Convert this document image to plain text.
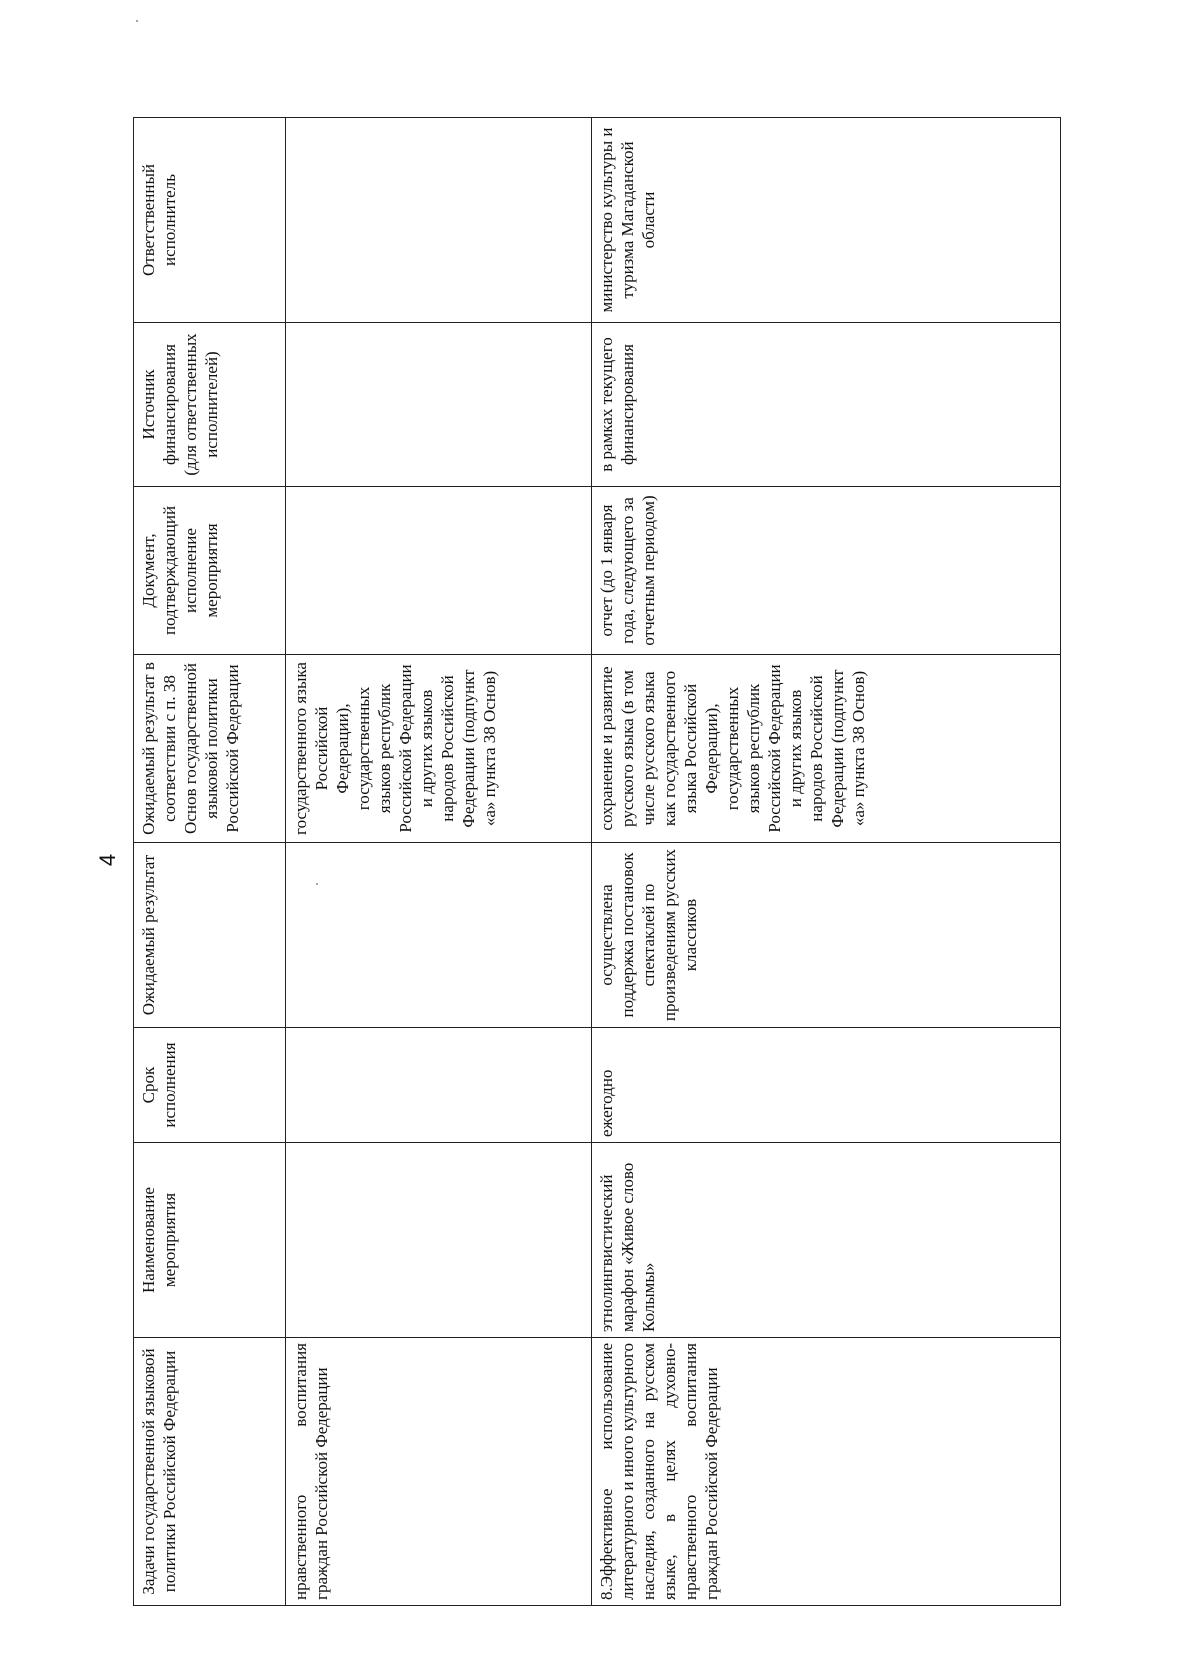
4
Задачи государственной языковой политики Российской Федерации	Наименование мероприятия	Срок исполнения	Ожидаемый результат	Ожидаемый результат в соответствии с п. 38 Основ государственной языковой политики Российской Федерации	Документ, подтверждающий исполнение мероприятия	Источник финансирования (для ответственных исполнителей)	Ответственный исполнитель
нравственного воспитания граждан Российской Федерации				государственного языка Российской Федерации), государственных языков республик Российской Федерации и других языков народов Российской Федерации (подпункт «а» пункта 38 Основ)			
8.Эффективное использование литературного и иного культурного наследия, созданного на русском языке, в целях духовно-нравственного воспитания граждан Российской Федерации	этнолингвистический марафон «Живое слово Колымы»	ежегодно	осуществлена поддержка постановок спектаклей по произведениям русских классиков	сохранение и развитие русского языка (в том числе русского языка как государственного языка Российской Федерации), государственных языков республик Российской Федерации и других языков народов Российской Федерации (подпункт «а» пункта 38 Основ)	отчет (до 1 января года, следующего за отчетным периодом)	в рамках текущего финансирования	министерство культуры и туризма Магаданской области
